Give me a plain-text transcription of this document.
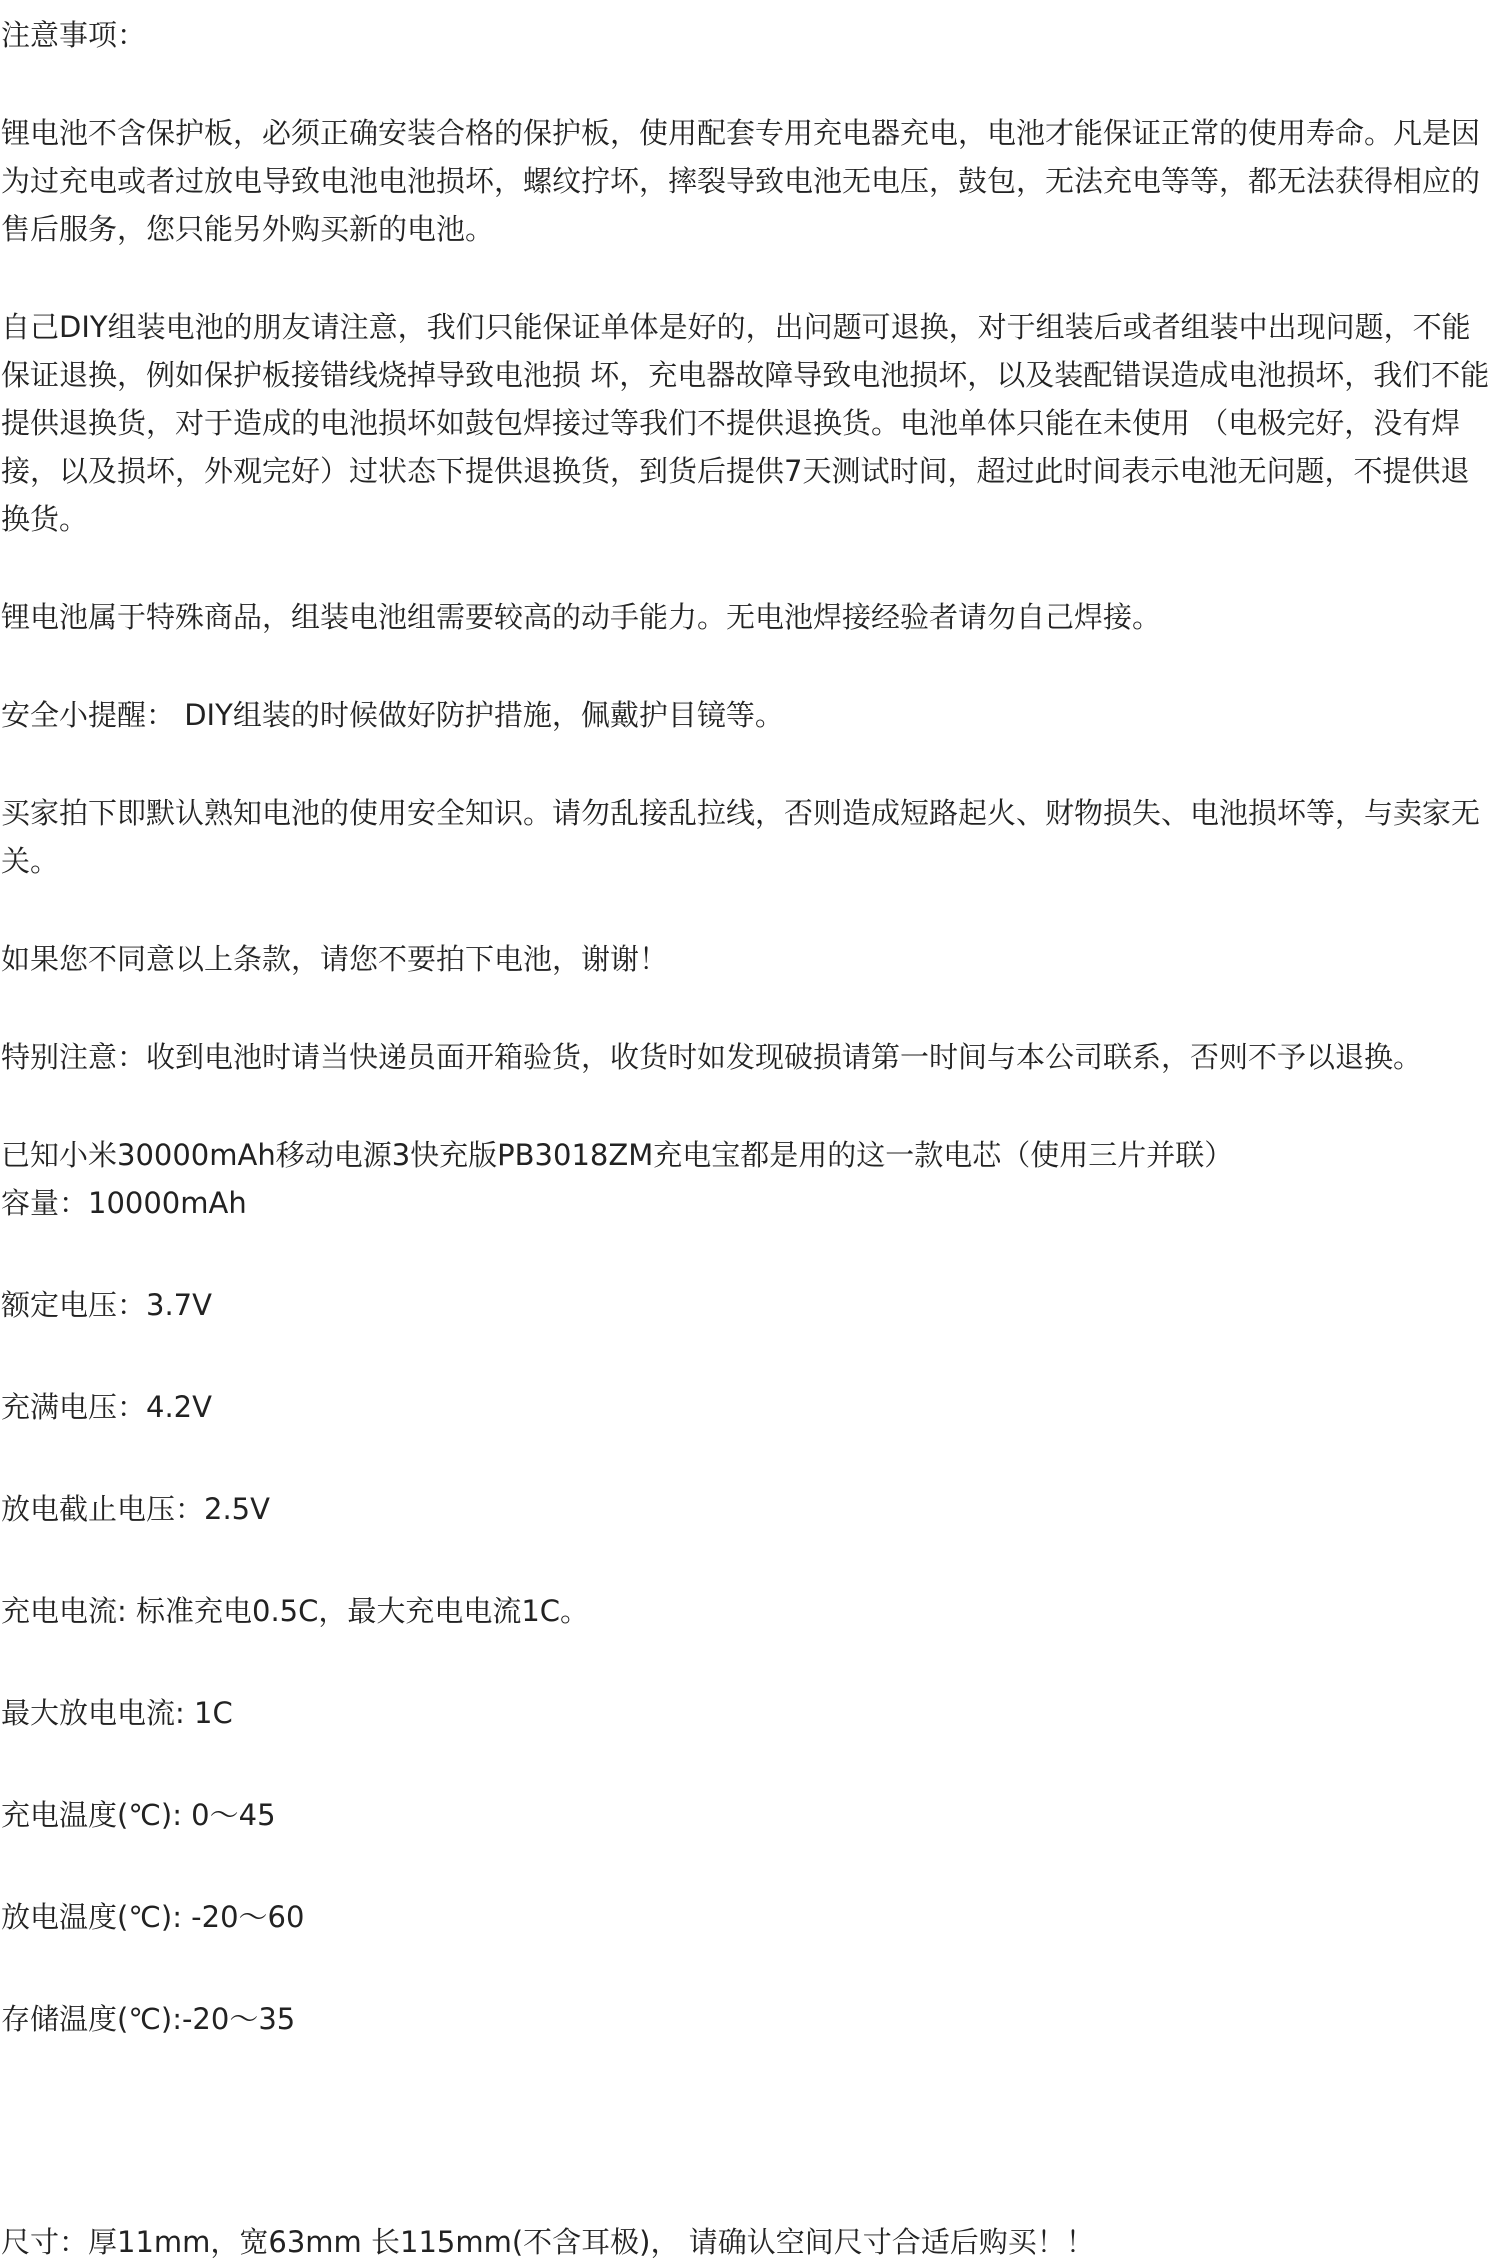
注意事项：

锂电池不含保护板，必须正确安装合格的保护板，使用配套专用充电器充电，电池才能保证正常的使用寿命。凡是因为过充电或者过放电导致电池电池损坏，螺纹拧坏，摔裂导致电池无电压，鼓包，无法充电等等，都无法获得相应的售后服务，您只能另外购买新的电池。

自己DIY组装电池的朋友请注意，我们只能保证单体是好的，出问题可退换，对于组装后或者组装中出现问题，不能保证退换，例如保护板接错线烧掉导致电池损 坏，充电器故障导致电池损坏，以及装配错误造成电池损坏，我们不能提供退换货，对于造成的电池损坏如鼓包焊接过等我们不提供退换货。电池单体只能在未使用 （电极完好，没有焊接，以及损坏，外观完好）过状态下提供退换货，到货后提供7天测试时间，超过此时间表示电池无问题，不提供退换货。

锂电池属于特殊商品，组装电池组需要较高的动手能力。无电池焊接经验者请勿自己焊接。

安全小提醒： DIY组装的时候做好防护措施，佩戴护目镜等。

买家拍下即默认熟知电池的使用安全知识。请勿乱接乱拉线，否则造成短路起火、财物损失、电池损坏等，与卖家无关。

如果您不同意以上条款，请您不要拍下电池，谢谢！

特别注意：收到电池时请当快递员面开箱验货，收货时如发现破损请第一时间与本公司联系，否则不予以退换。

已知小米30000mAh移动电源3快充版PB3018ZM充电宝都是用的这一款电芯（使用三片并联）

容量：10000mAh

额定电压：3.7V

充满电压：4.2V

放电截止电压：2.5V

充电电流: 标准充电0.5C，最大充电电流1C。

最大放电电流: 1C

充电温度(℃): 0～45

放电温度(℃): -20～60

存储温度(℃):-20～35

尺寸：厚11mm，宽63mm 长115mm(不含耳极)， 请确认空间尺寸合适后购买！！
